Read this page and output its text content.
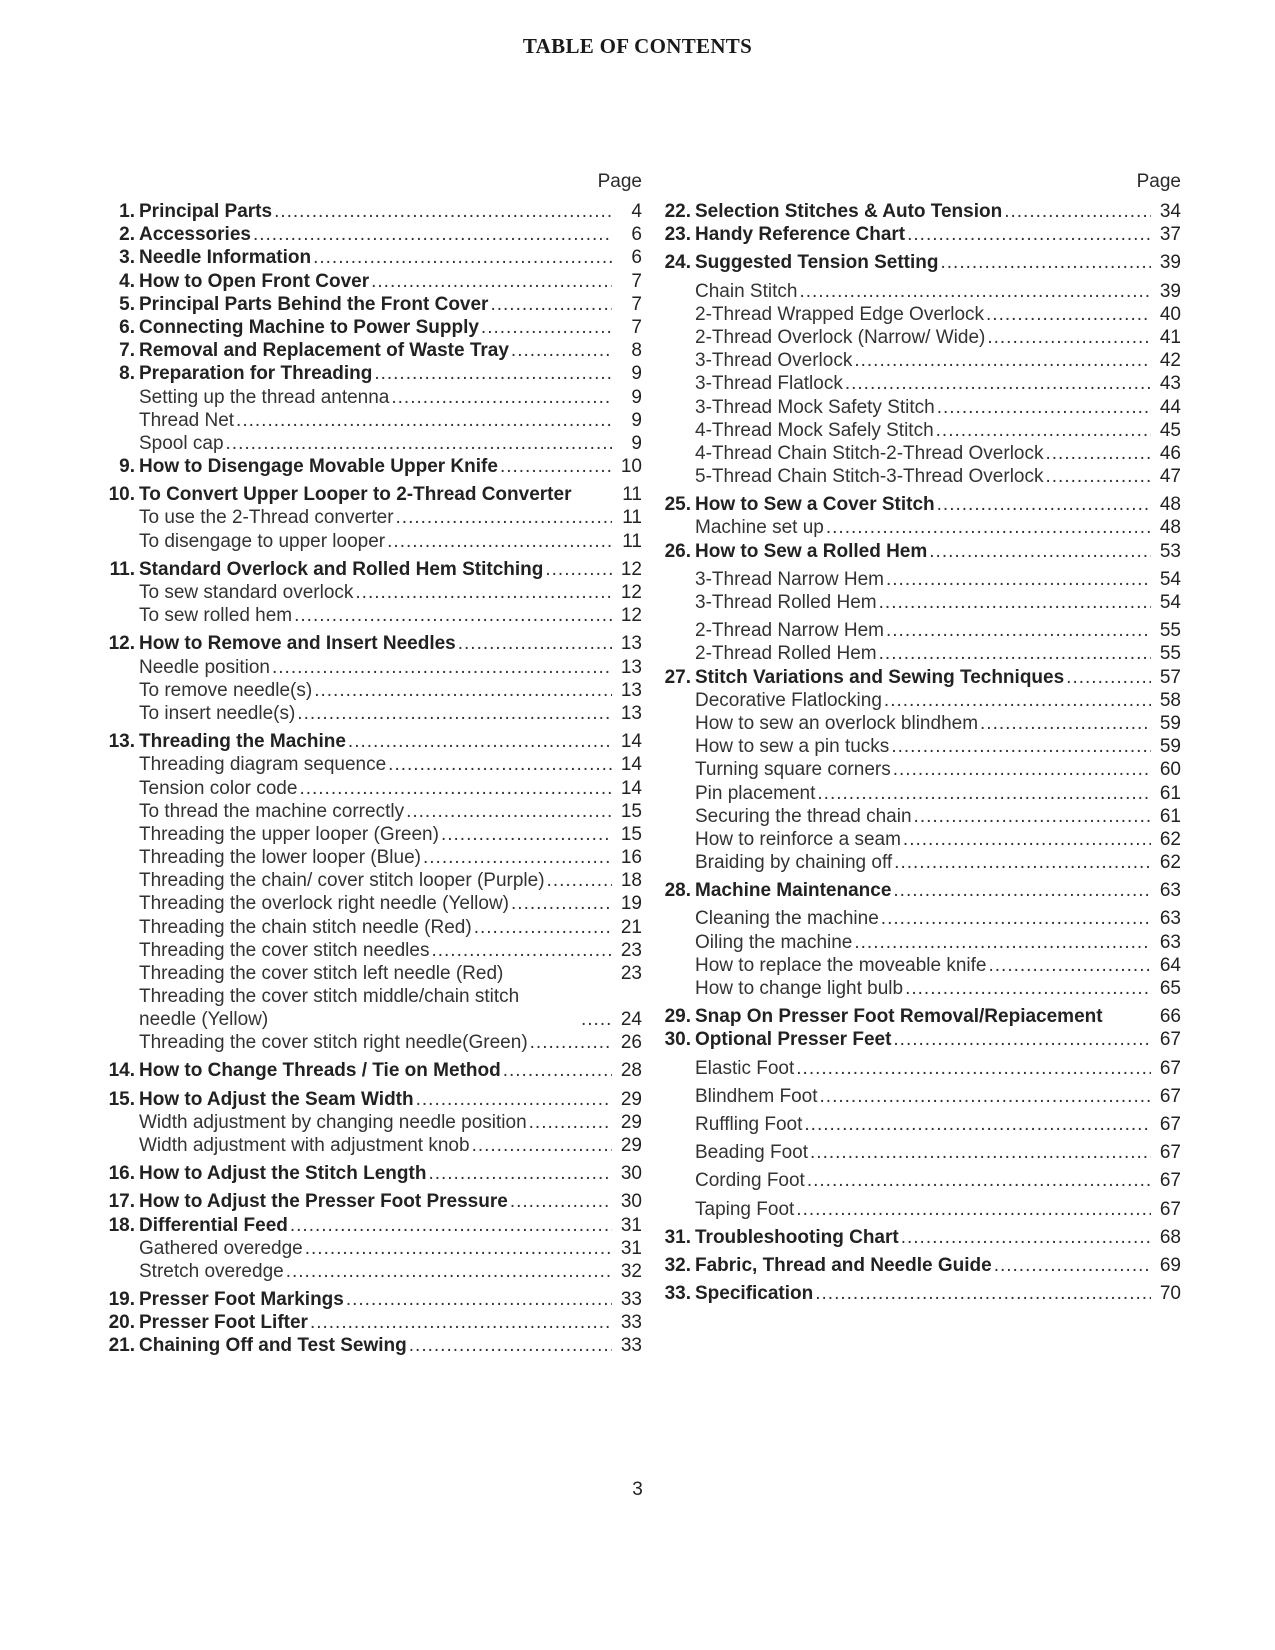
TABLE OF CONTENTS
Page
1. Principal Parts .....	4
2. Accessories .....	6
3. Needle Information .....	6
4. How to Open Front Cover .....	7
5. Principal Parts Behind the Front Cover .....	7
6. Connecting Machine to Power Supply .....	7
7. Removal and Replacement of Waste Tray .....	8
8. Preparation for Threading .....	9
Setting up the thread antenna .....	9
Thread Net .....	9
Spool cap .....	9
9. How to Disengage Movable Upper Knife .....	10
10. To Convert Upper Looper to 2-Thread Converter	11
To use the 2-Thread converter .....	11
To disengage to upper looper .....	11
11. Standard Overlock and Rolled Hem Stitching .....	12
To sew standard overlock .....	12
To sew rolled hem .....	12
12. How to Remove and Insert Needles .....	13
Needle position .....	13
To remove needle(s) .....	13
To insert needle(s) .....	13
13. Threading the Machine .....	14
Threading diagram sequence .....	14
Tension color code .....	14
To thread the machine correctly .....	15
Threading the upper looper (Green) .....	15
Threading the lower looper (Blue) .....	16
Threading the chain/ cover stitch looper (Purple) .....	18
Threading the overlock right needle (Yellow) .....	19
Threading the chain stitch needle (Red) .....	21
Threading the cover stitch needles .....	23
Threading the cover stitch left needle (Red)	23
Threading the cover stitch middle/chain stitch needle (Yellow) .....	24
Threading the cover stitch right needle(Green) .....	26
14. How to Change Threads / Tie on Method .....	28
15. How to Adjust the Seam Width .....	29
Width adjustment by changing needle position .....	29
Width adjustment with adjustment knob .....	29
16. How to Adjust the Stitch Length .....	30
17. How to Adjust the Presser Foot Pressure .....	30
18. Differential Feed .....	31
Gathered overedge .....	31
Stretch overedge .....	32
19. Presser Foot Markings .....	33
20. Presser Foot Lifter .....	33
21. Chaining Off and Test Sewing .....	33
Page
22. Selection Stitches & Auto Tension .....	34
23. Handy Reference Chart .....	37
24. Suggested Tension Setting .....	39
Chain Stitch .....	39
2-Thread Wrapped Edge Overlock .....	40
2-Thread Overlock (Narrow/ Wide) .....	41
3-Thread Overlock .....	42
3-Thread Flatlock .....	43
3-Thread Mock Safety Stitch .....	44
4-Thread Mock Safely Stitch .....	45
4-Thread Chain Stitch-2-Thread Overlock .....	46
5-Thread Chain Stitch-3-Thread Overlock .....	47
25. How to Sew a Cover Stitch .....	48
Machine set up .....	48
26. How to Sew a Rolled Hem .....	53
3-Thread Narrow Hem .....	54
3-Thread Rolled Hem .....	54
2-Thread Narrow Hem .....	55
2-Thread Rolled Hem .....	55
27. Stitch Variations and Sewing Techniques .....	57
Decorative Flatlocking .....	58
How to sew an overlock blindhem .....	59
How to sew a pin tucks .....	59
Turning square corners .....	60
Pin placement .....	61
Securing the thread chain .....	61
How to reinforce a seam .....	62
Braiding by chaining off .....	62
28. Machine Maintenance .....	63
Cleaning the machine .....	63
Oiling the machine .....	63
How to replace the moveable knife .....	64
How to change light bulb .....	65
29. Snap On Presser Foot Removal/Repiacement	66
30. Optional Presser Feet .....	67
Elastic Foot .....	67
Blindhem Foot .....	67
Ruffling Foot .....	67
Beading Foot .....	67
Cording Foot .....	67
Taping Foot .....	67
31. Troubleshooting Chart .....	68
32. Fabric, Thread and Needle Guide .....	69
33. Specification .....	70
3
